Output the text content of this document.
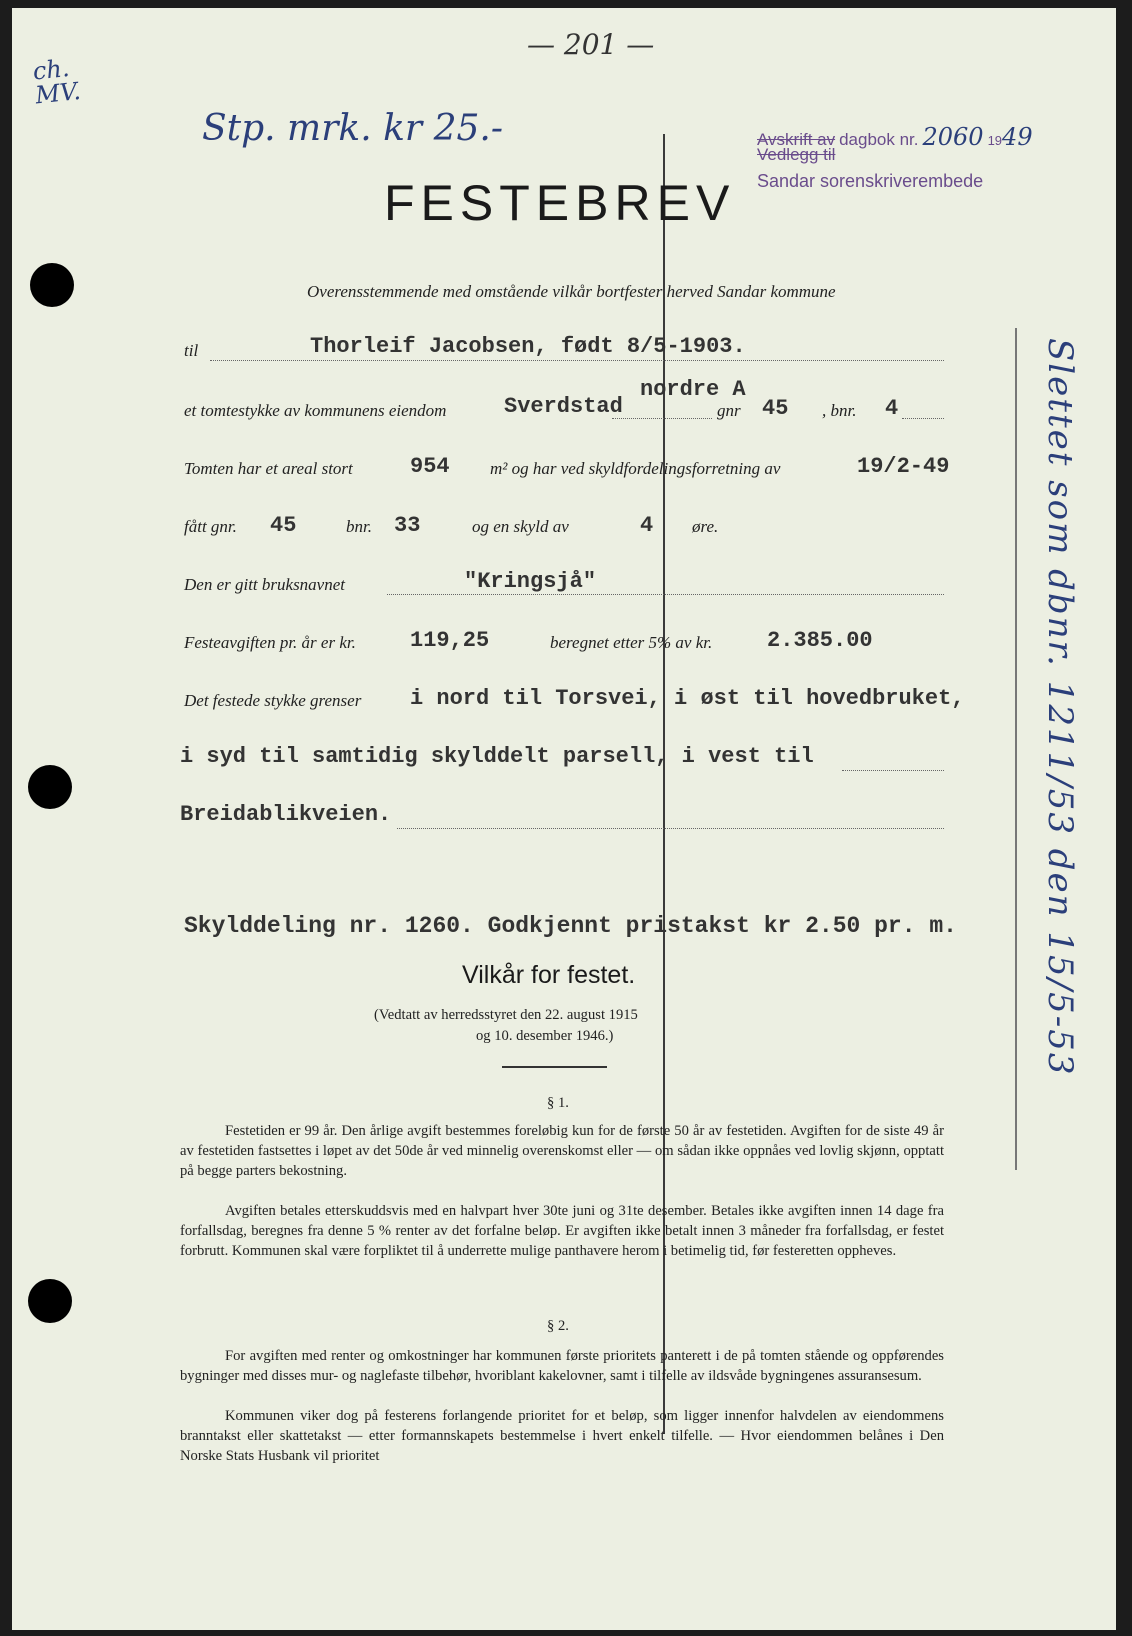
— 201 —
ch. MV.
Stp. mrk. kr 25.-	Avskrift av dagbok nr. 2060 1949
Vedlegg til
Sandar sorenskriverembede
FESTEBREV
Overensstemmende med omstående vilkår bortfester herved Sandar kommune
til	Thorleif Jacobsen, født 8/5-1903.
nordre A
et tomtestykke av kommunens eiendom	Sverdstad	gnr 45 , bnr. 4
Tomten har et areal stort	954 m² og har ved skyldfordelingsforretning av	19/2-49
fått gnr. 45	bnr. 33	og en skyld av	4 øre.
Den er gitt bruksnavnet	"Kringsjå"
Festeavgiften pr. år er kr. 119,25	beregnet etter 5% av kr. 2.385.00
Det festede stykke grenser i nord til Torsvei, i øst til hovedbruket,
i syd til samtidig skylddelt parsell, i vest til
Breidablikveien.
Skylddeling nr. 1260. Godkjennt pristakst kr 2.50 pr. m.
Vilkår for festet.
(Vedtatt av herredsstyret den 22. august 1915
og 10. desember 1946.)
§ 1.
Festetiden er 99 år. Den årlige avgift bestemmes foreløbig kun for de første 50 år av festetiden. Avgiften for de siste 49 år av festetiden fastsettes i løpet av det 50de år ved minnelig overenskomst eller — om sådan ikke oppnåes ved lovlig skjønn, opptatt på begge parters bekostning.
Avgiften betales etterskuddsvis med en halvpart hver 30te juni og 31te desember. Betales ikke avgiften innen 14 dage fra forfallsdag, beregnes fra denne 5 % renter av det forfalne beløp. Er avgiften ikke betalt innen 3 måneder fra forfallsdag, er festet forbrutt. Kommunen skal være forpliktet til å underrette mulige panthavere herom i betimelig tid, før festeretten oppheves.
§ 2.
For avgiften med renter og omkostninger har kommunen første prioritets panterett i de på tomten stående og oppførendes bygninger med disses mur- og naglefaste tilbehør, hvoriblant kakelovner, samt i tilfelle av ildsvåde bygningenes assuransesum.
Kommunen viker dog på festerens forlangende prioritet for et beløp, som ligger innenfor halvdelen av eiendommens branntakst eller skattetakst — etter formannskapets bestemmelse i hvert enkelt tilfelle. — Hvor eiendommen belånes i Den Norske Stats Husbank vil prioritet
Slettet som dbnr. 1211/53 den 15/5-53
